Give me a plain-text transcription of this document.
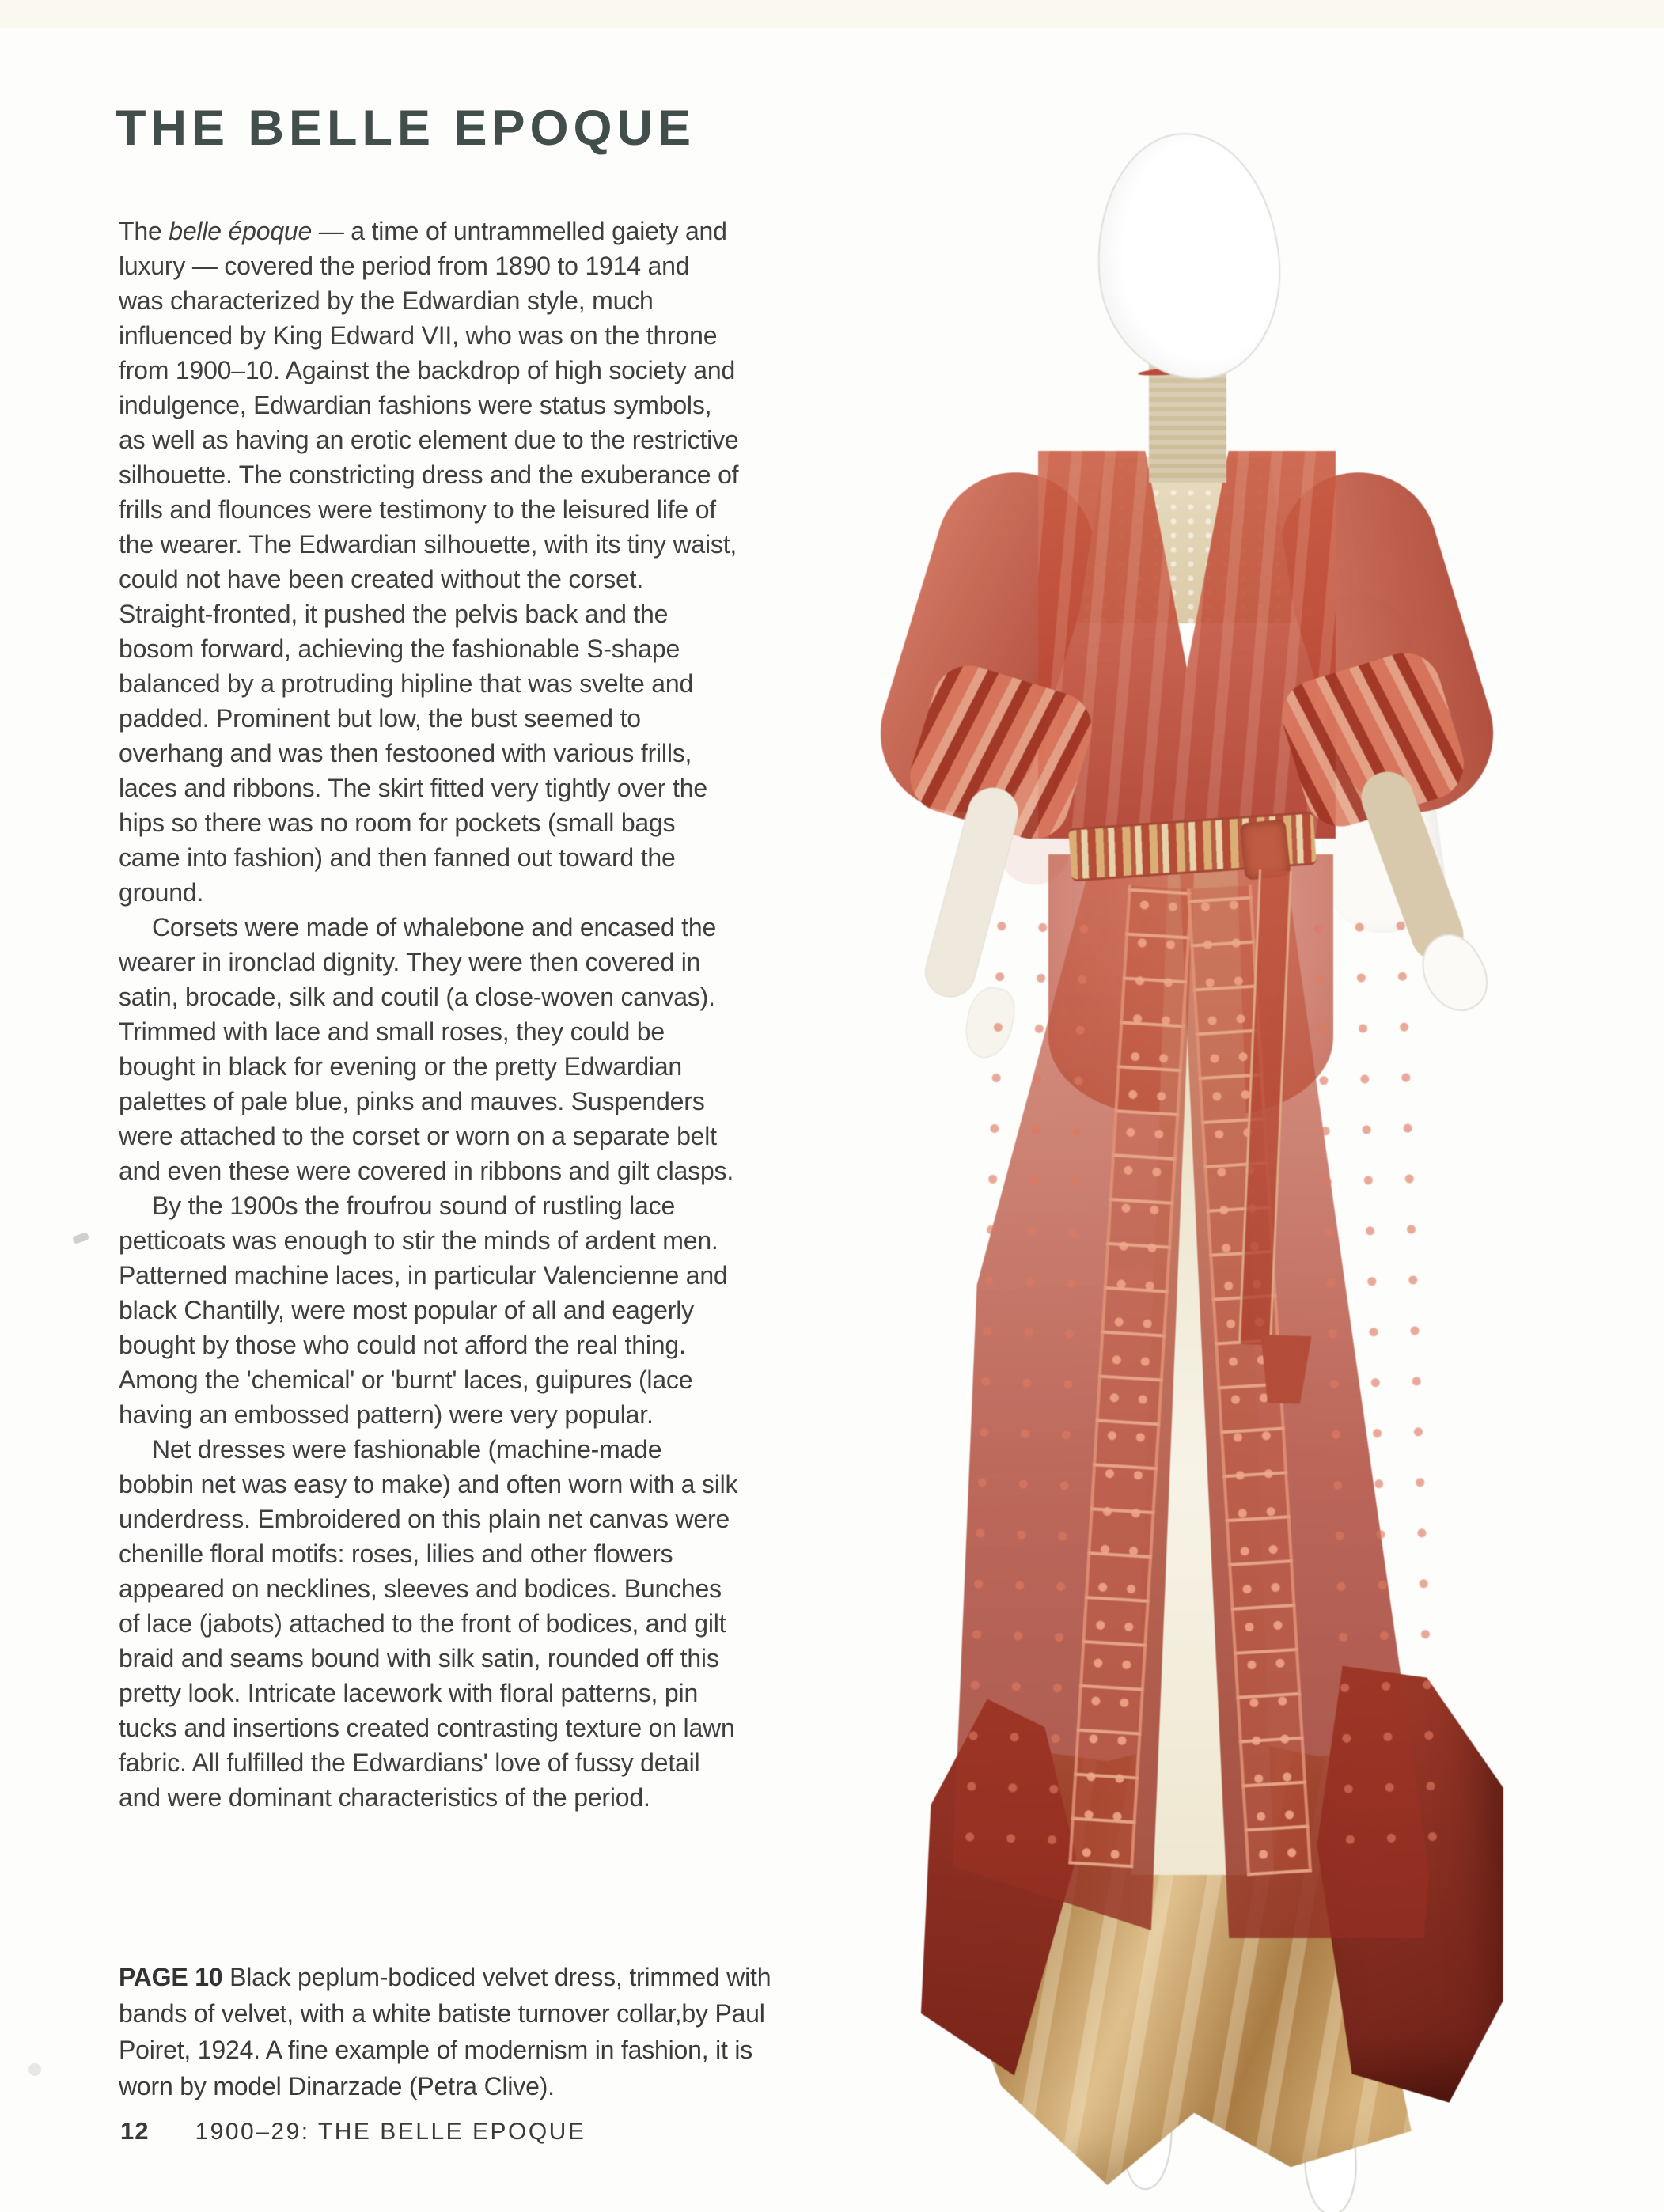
THE BELLE EPOQUE

The belle époque — a time of untrammelled gaiety and luxury — covered the period from 1890 to 1914 and was characterized by the Edwardian style, much influenced by King Edward VII, who was on the throne from 1900–10. Against the backdrop of high society and indulgence, Edwardian fashions were status symbols, as well as having an erotic element due to the restrictive silhouette. The constricting dress and the exuberance of frills and flounces were testimony to the leisured life of the wearer. The Edwardian silhouette, with its tiny waist, could not have been created without the corset. Straight-fronted, it pushed the pelvis back and the bosom forward, achieving the fashionable S-shape balanced by a protruding hipline that was svelte and padded. Prominent but low, the bust seemed to overhang and was then festooned with various frills, laces and ribbons. The skirt fitted very tightly over the hips so there was no room for pockets (small bags came into fashion) and then fanned out toward the ground.

Corsets were made of whalebone and encased the wearer in ironclad dignity. They were then covered in satin, brocade, silk and coutil (a close-woven canvas). Trimmed with lace and small roses, they could be bought in black for evening or the pretty Edwardian palettes of pale blue, pinks and mauves. Suspenders were attached to the corset or worn on a separate belt and even these were covered in ribbons and gilt clasps.

By the 1900s the froufrou sound of rustling lace petticoats was enough to stir the minds of ardent men. Patterned machine laces, in particular Valencienne and black Chantilly, were most popular of all and eagerly bought by those who could not afford the real thing. Among the 'chemical' or 'burnt' laces, guipures (lace having an embossed pattern) were very popular.

Net dresses were fashionable (machine-made bobbin net was easy to make) and often worn with a silk underdress. Embroidered on this plain net canvas were chenille floral motifs: roses, lilies and other flowers appeared on necklines, sleeves and bodices. Bunches of lace (jabots) attached to the front of bodices, and gilt braid and seams bound with silk satin, rounded off this pretty look. Intricate lacework with floral patterns, pin tucks and insertions created contrasting texture on lawn fabric. All fulfilled the Edwardians' love of fussy detail and were dominant characteristics of the period.

PAGE 10 Black peplum-bodiced velvet dress, trimmed with bands of velvet, with a white batiste turnover collar,by Paul Poiret, 1924. A fine example of modernism in fashion, it is worn by model Dinarzade (Petra Clive).

12 1900–29: THE BELLE EPOQUE
